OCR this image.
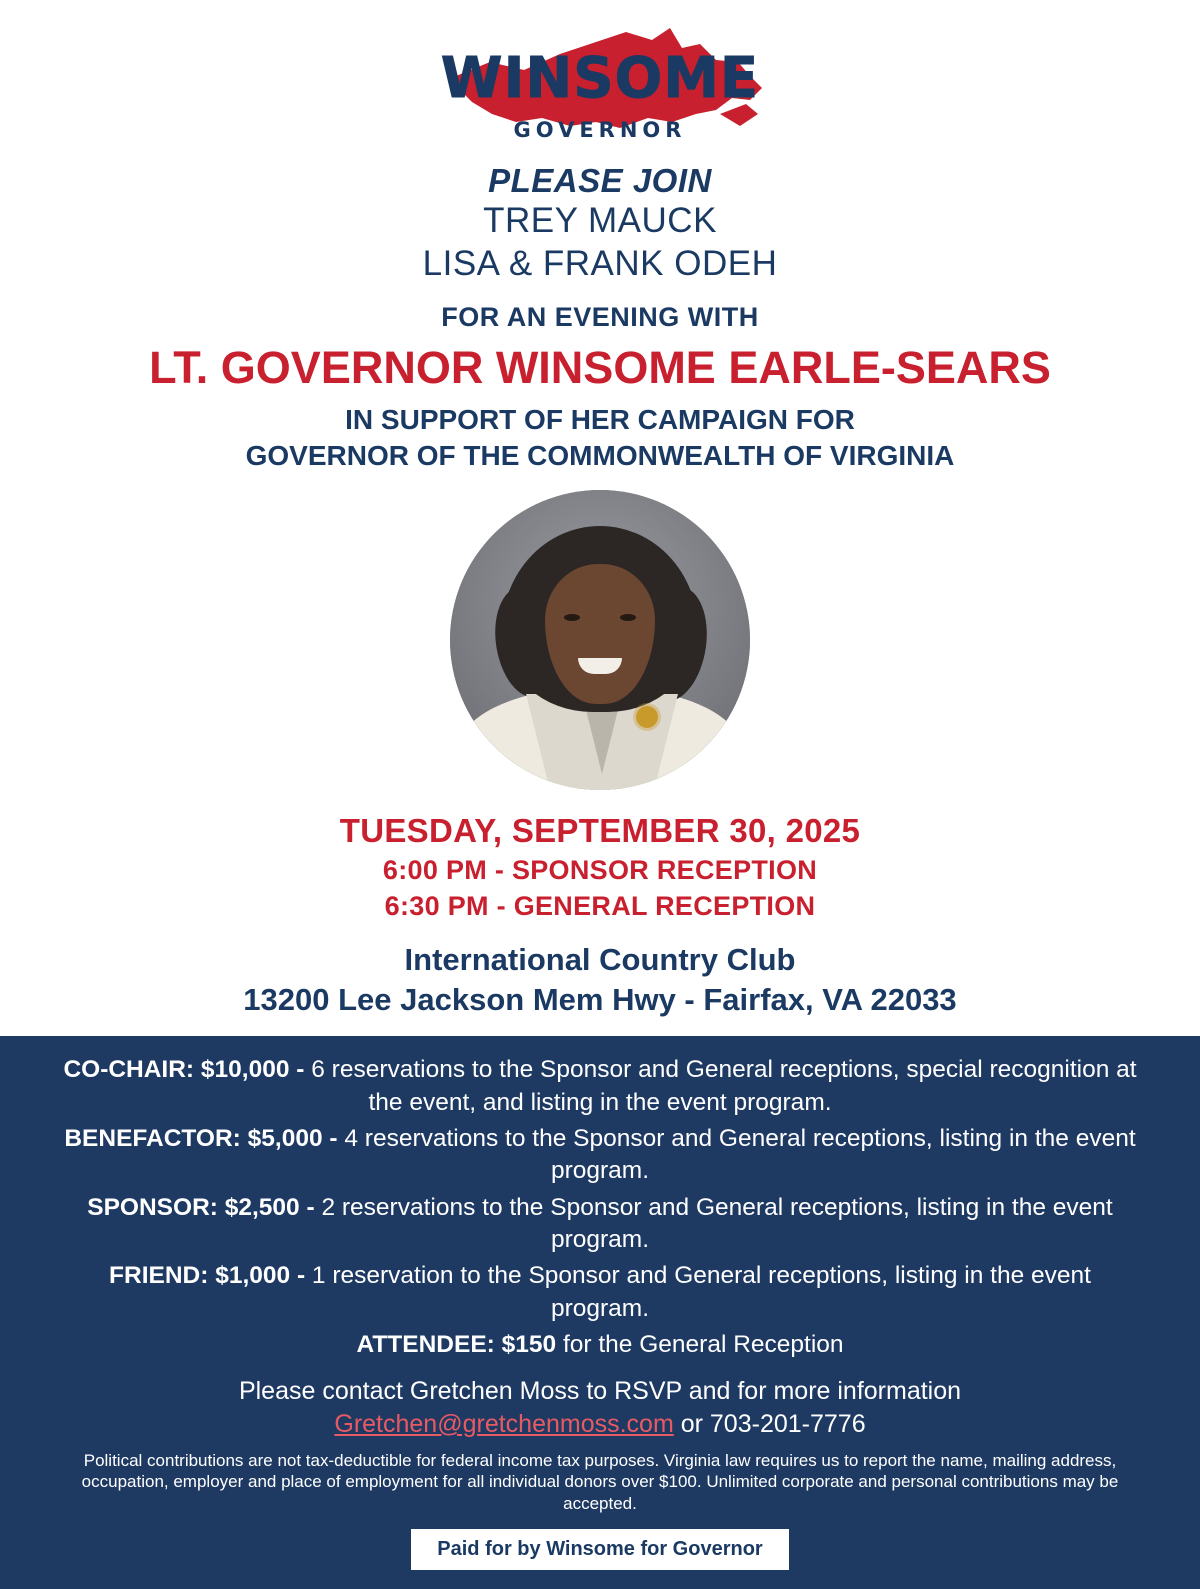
WINSOME
GOVERNOR
PLEASE JOIN
TREY MAUCK
LISA & FRANK ODEH
FOR AN EVENING WITH
LT. GOVERNOR WINSOME EARLE-SEARS
IN SUPPORT OF HER CAMPAIGN FOR
GOVERNOR OF THE COMMONWEALTH OF VIRGINIA
TUESDAY, SEPTEMBER 30, 2025
6:00 PM - SPONSOR RECEPTION
6:30 PM - GENERAL RECEPTION
International Country Club
13200 Lee Jackson Mem Hwy - Fairfax, VA 22033
CO-CHAIR: $10,000 - 6 reservations to the Sponsor and General receptions, special recognition at the event, and listing in the event program.
BENEFACTOR: $5,000 - 4 reservations to the Sponsor and General receptions, listing in the event program.
SPONSOR: $2,500 - 2 reservations to the Sponsor and General receptions, listing in the event program.
FRIEND: $1,000 - 1 reservation to the Sponsor and General receptions, listing in the event program.
ATTENDEE: $150 for the General Reception
Please contact Gretchen Moss to RSVP and for more information
Gretchen@gretchenmoss.com or 703-201-7776
Political contributions are not tax-deductible for federal income tax purposes. Virginia law requires us to report the name, mailing address, occupation, employer and place of employment for all individual donors over $100. Unlimited corporate and personal contributions may be accepted.
Paid for by Winsome for Governor
